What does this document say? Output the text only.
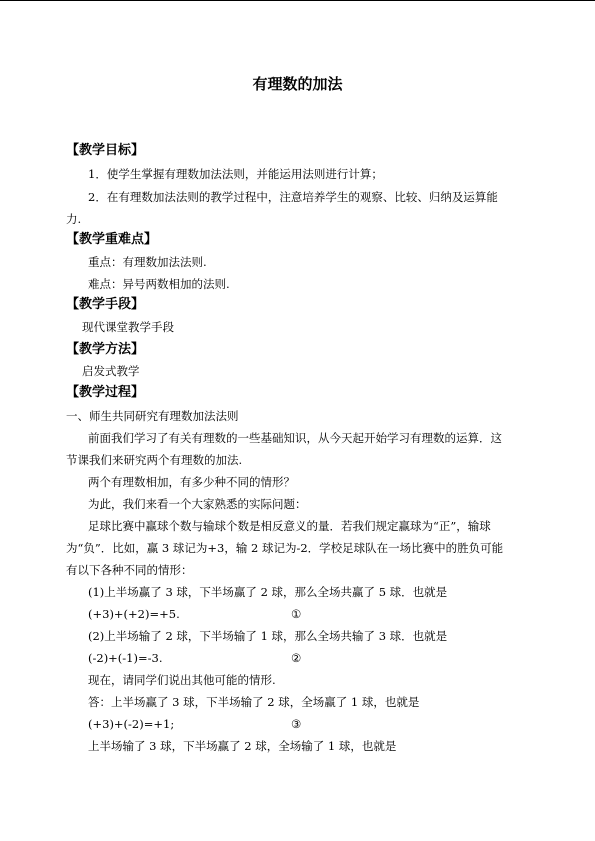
有理数的加法
【教学目标】
1．使学生掌握有理数加法法则，并能运用法则进行计算；
2．在有理数加法法则的教学过程中，注意培养学生的观察、比较、归纳及运算能
力.
【教学重难点】
重点：有理数加法法则.
难点：异号两数相加的法则.
【教学手段】
现代课堂教学手段
【教学方法】
启发式教学
【教学过程】
一、师生共同研究有理数加法法则
前面我们学习了有关有理数的一些基础知识，从今天起开始学习有理数的运算．这
节课我们来研究两个有理数的加法.
两个有理数相加，有多少种不同的情形？
为此，我们来看一个大家熟悉的实际问题：
足球比赛中赢球个数与输球个数是相反意义的量．若我们规定赢球为“正”，输球
为“负”．比如，赢 3 球记为+3，输 2 球记为-2．学校足球队在一场比赛中的胜负可能
有以下各种不同的情形：
(1)上半场赢了 3 球，下半场赢了 2 球，那么全场共赢了 5 球．也就是
(+3)+(+2)=+5.	①
(2)上半场输了 2 球，下半场输了 1 球，那么全场共输了 3 球．也就是
(-2)+(-1)=-3.	②
现在，请同学们说出其他可能的情形.
答：上半场赢了 3 球，下半场输了 2 球，全场赢了 1 球，也就是
(+3)+(-2)=+1;	③
上半场输了 3 球，下半场赢了 2 球，全场输了 1 球，也就是
